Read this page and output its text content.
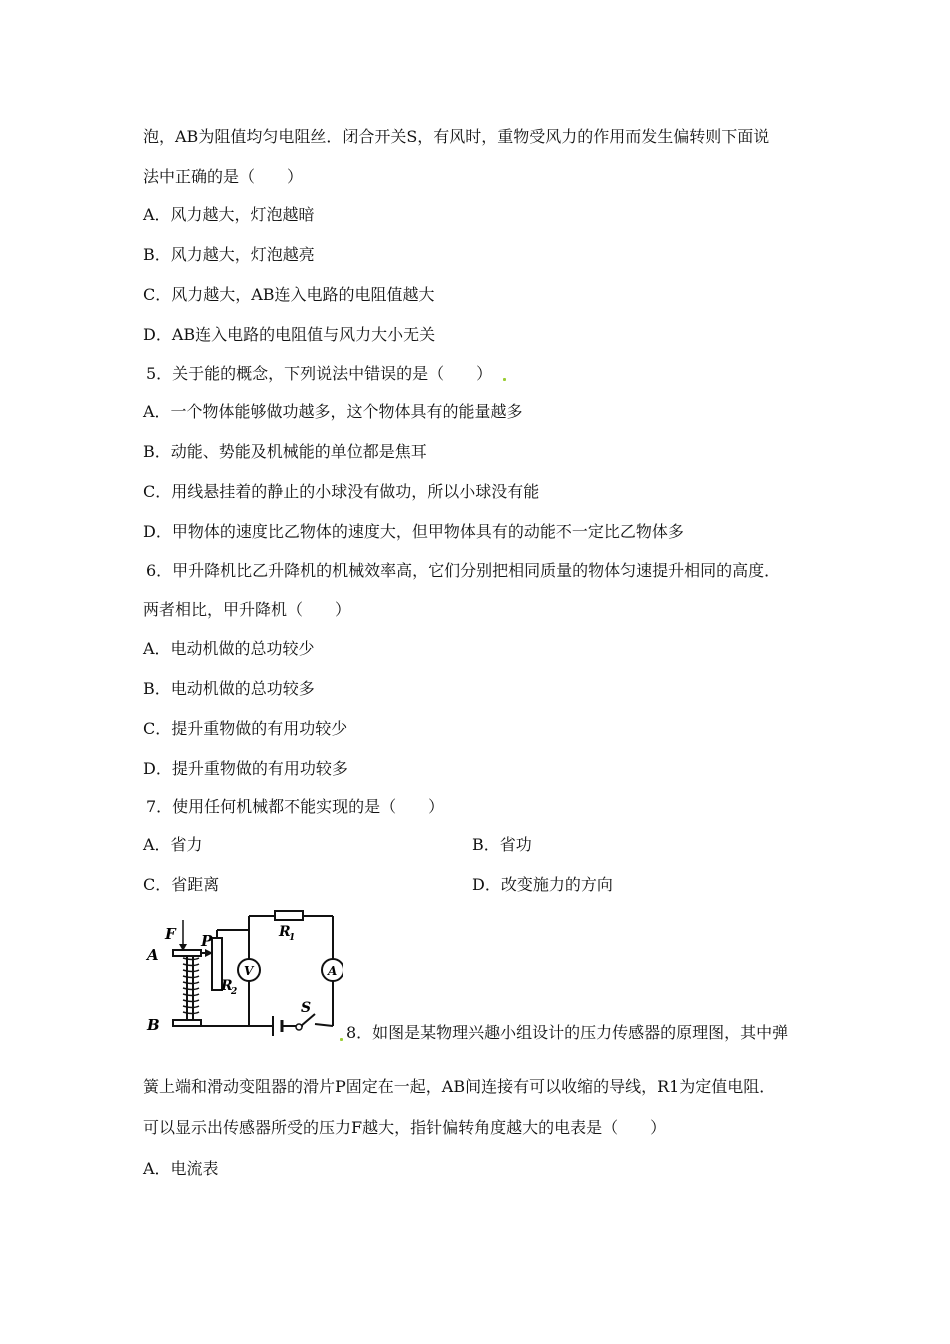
泡，AB为阻值均匀电阻丝．闭合开关S，有风时，重物受风力的作用而发生偏转则下面说
法中正确的是（　　）
A．风力越大，灯泡越暗
B．风力越大，灯泡越亮
C．风力越大，AB连入电路的电阻值越大
D．AB连入电路的电阻值与风力大小无关
5．关于能的概念，下列说法中错误的是（　　）
A．一个物体能够做功越多，这个物体具有的能量越多
B．动能、势能及机械能的单位都是焦耳
C．用线悬挂着的静止的小球没有做功，所以小球没有能
D．甲物体的速度比乙物体的速度大，但甲物体具有的动能不一定比乙物体多
6．甲升降机比乙升降机的机械效率高，它们分别把相同质量的物体匀速提升相同的高度．
两者相比，甲升降机（　　）
A．电动机做的总功较少
B．电动机做的总功较多
C．提升重物做的有用功较少
D．提升重物做的有用功较多
7．使用任何机械都不能实现的是（　　）
A．省力	B．省功
C．省距离	D．改变施力的方向
F
A
P
B
R
1
R
2
V	A
S
8．如图是某物理兴趣小组设计的压力传感器的原理图，其中弹
簧上端和滑动变阻器的滑片P固定在一起，AB间连接有可以收缩的导线，R1为定值电阻．
可以显示出传感器所受的压力F越大，指针偏转角度越大的电表是（　　）
A．电流表
